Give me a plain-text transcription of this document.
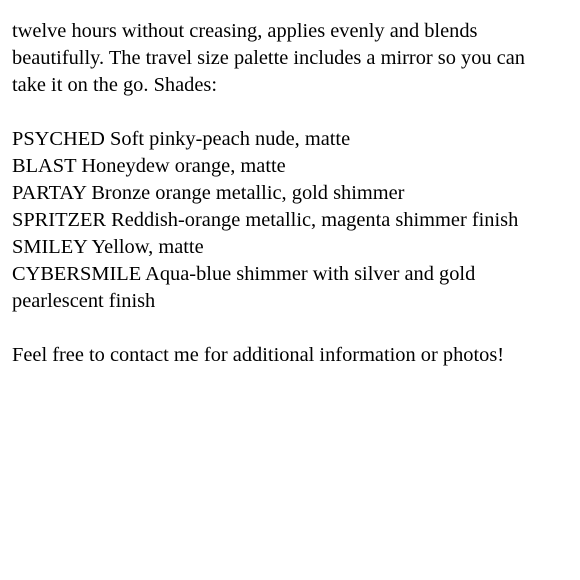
twelve hours without creasing, applies evenly and blends
beautifully. The travel size palette includes a mirror so you can
take it on the go. Shades:
PSYCHED Soft pinky-peach nude, matte
BLAST Honeydew orange, matte
PARTAY Bronze orange metallic, gold shimmer
SPRITZER Reddish-orange metallic, magenta shimmer finish
SMILEY Yellow, matte
CYBERSMILE Aqua-blue shimmer with silver and gold
pearlescent finish
Feel free to contact me for additional information or photos!
